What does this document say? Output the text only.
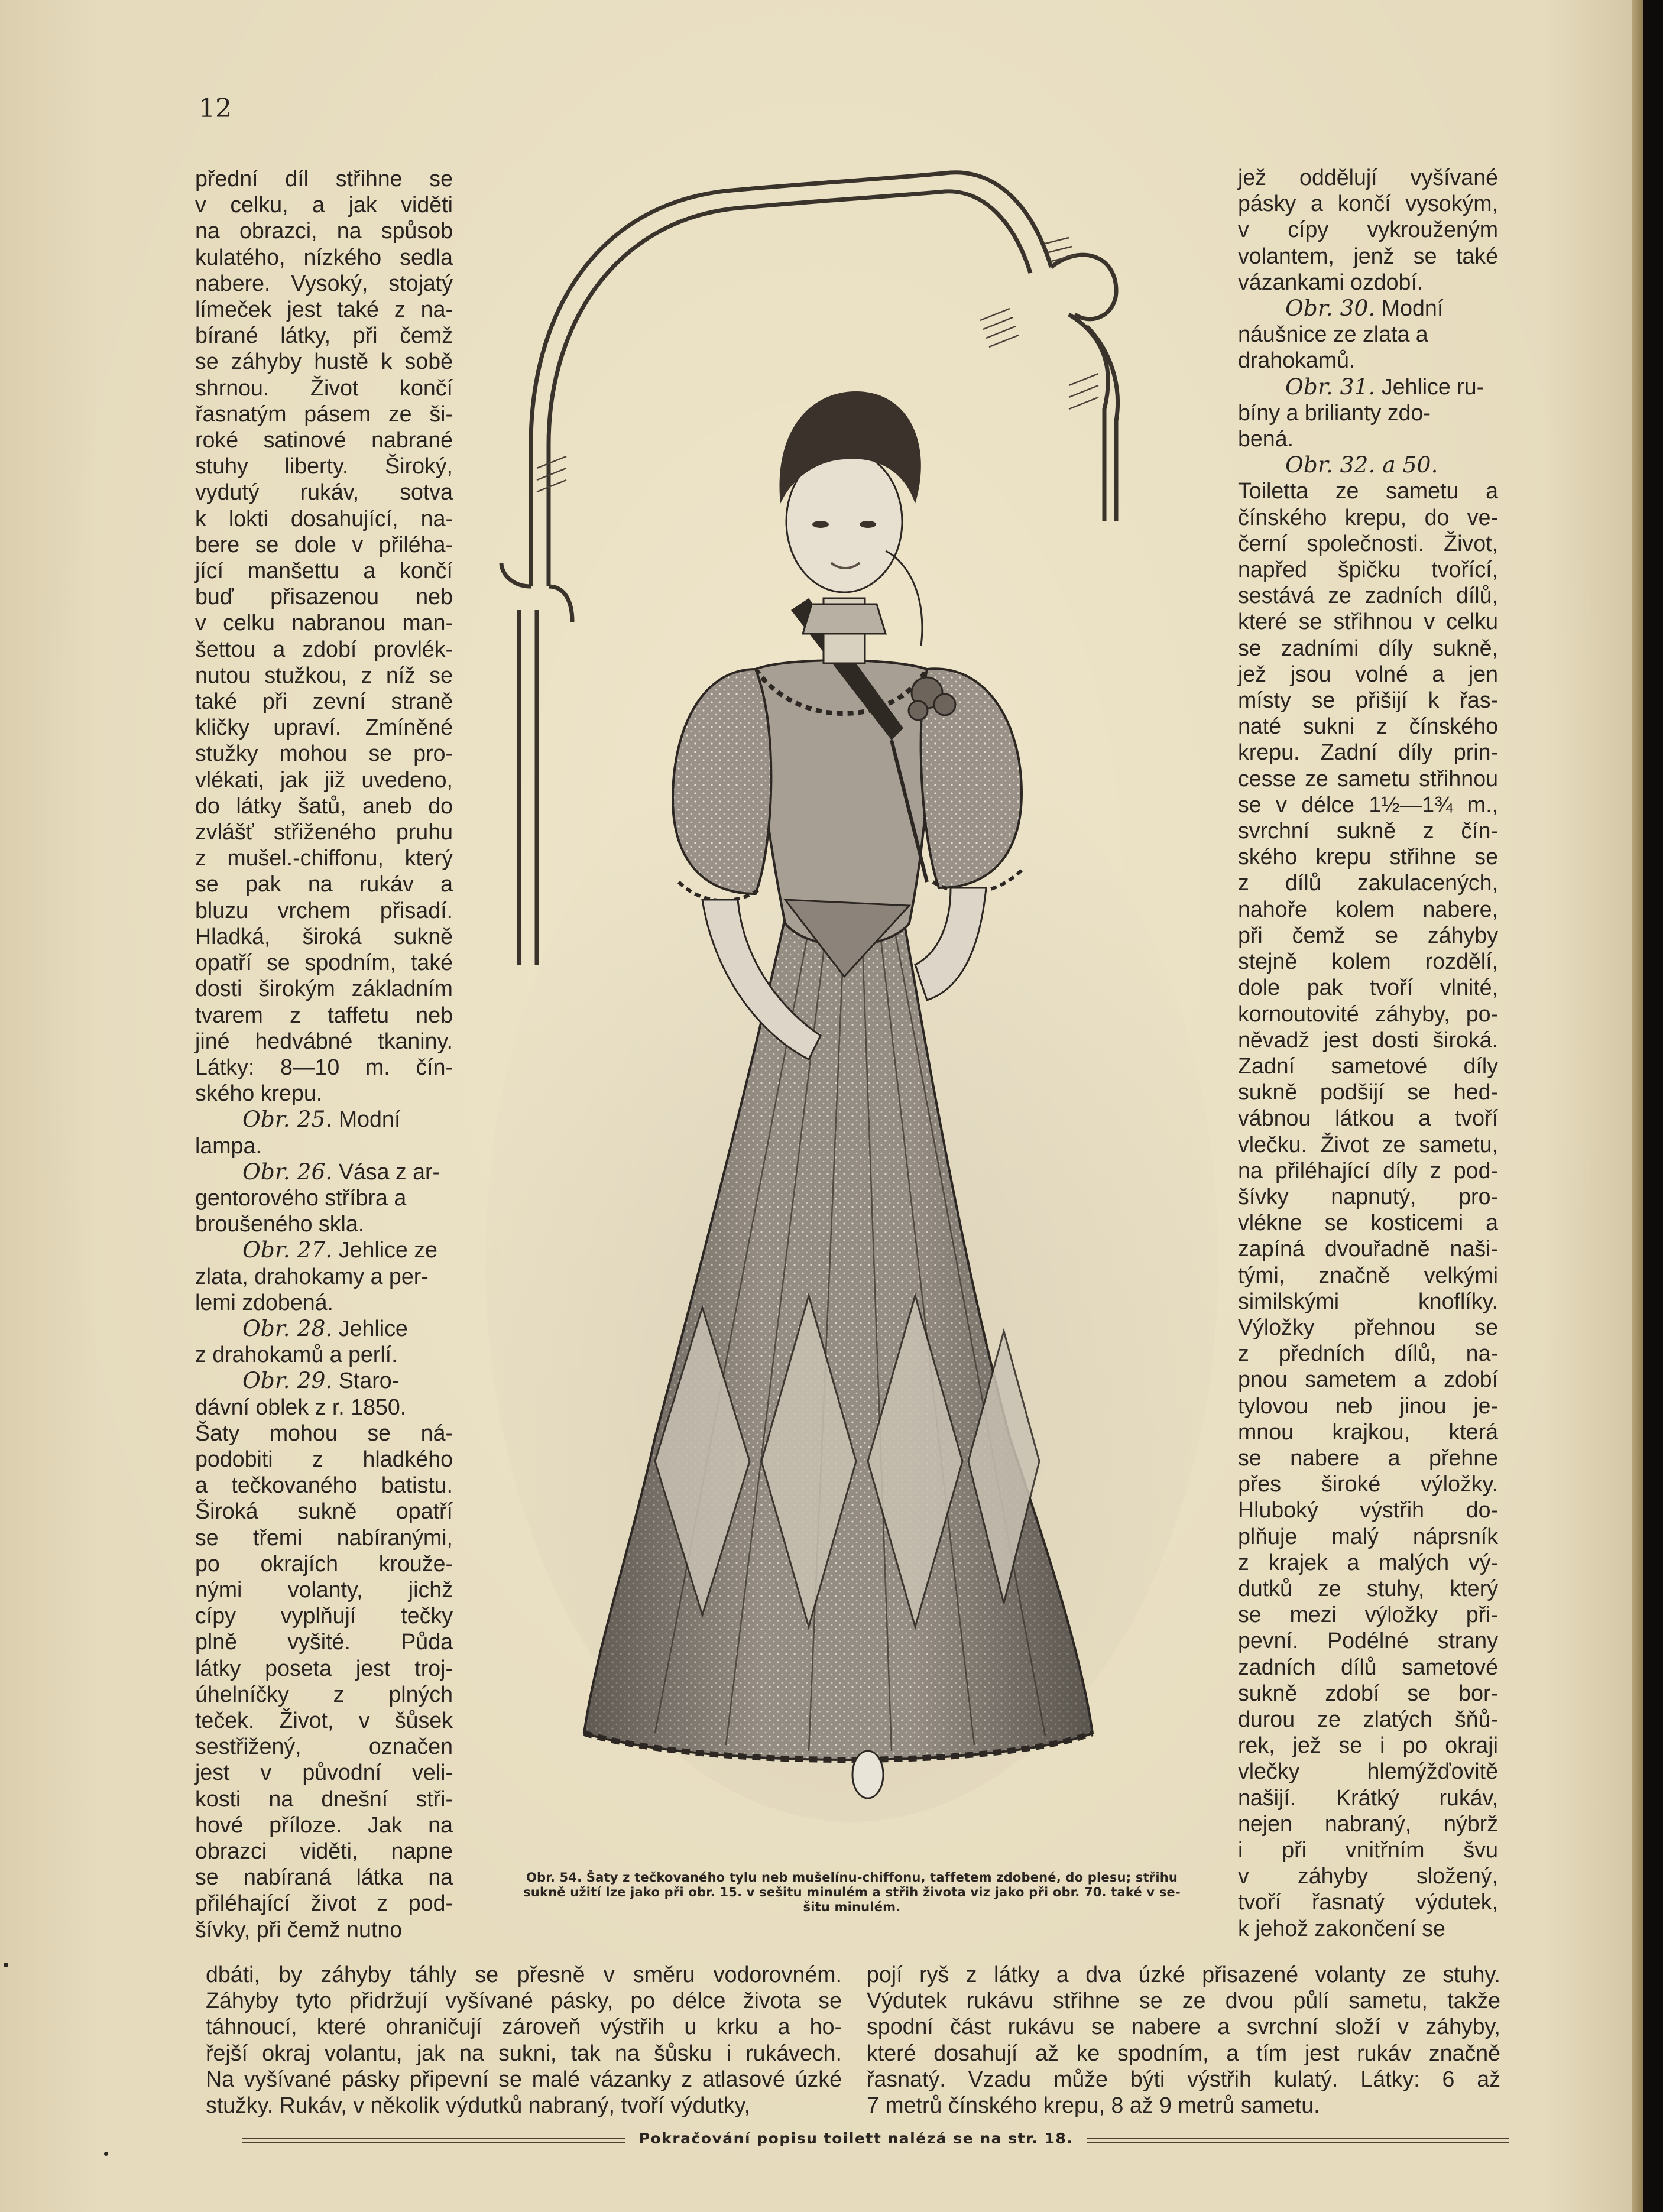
12
přední díl střihne se
v celku, a jak viděti
na obrazci, na spůsob
kulatého, nízkého sedla
nabere. Vysoký, stojatý
límeček jest také z na-
bírané látky, při čemž
se záhyby hustě k sobě
shrnou. Život končí
řasnatým pásem ze ši-
roké satinové nabrané
stuhy liberty. Široký,
vydutý rukáv, sotva
k lokti dosahující, na-
bere se dole v přiléha-
jící manšettu a končí
buď přisazenou neb
v celku nabranou man-
šettou a zdobí provlék-
nutou stužkou, z níž se
také při zevní straně
kličky upraví. Zmíněné
stužky mohou se pro-
vlékati, jak již uvedeno,
do látky šatů, aneb do
zvlášť střiženého pruhu
z mušel.-chiffonu, který
se pak na rukáv a
bluzu vrchem přisadí.
Hladká, široká sukně
opatří se spodním, také
dosti širokým základním
tvarem z taffetu neb
jiné hedvábné tkaniny.
Látky: 8—10 m. čín-
ského krepu.
Obr. 25. Modní
lampa.
Obr. 26. Vása z ar-
gentorového stříbra a
broušeného skla.
Obr. 27. Jehlice ze
zlata, drahokamy a per-
lemi zdobená.
Obr. 28. Jehlice
z drahokamů a perlí.
Obr. 29. Staro-
dávní oblek z r. 1850.
Šaty mohou se ná-
podobiti z hladkého
a tečkovaného batistu.
Široká sukně opatří
se třemi nabíranými,
po okrajích krouže-
nými volanty, jichž
cípy vyplňují tečky
plně vyšité. Půda
látky poseta jest troj-
úhelníčky z plných
teček. Život, v šůsek
sestřižený, označen
jest v původní veli-
kosti na dnešní stři-
hové příloze. Jak na
obrazci viděti, napne
se nabíraná látka na
přiléhající život z pod-
šívky, při čemž nutno
Obr. 54. Šaty z tečkovaného tylu neb mušelínu-chiffonu, taffetem zdobené, do plesu; střihu
sukně užití lze jako při obr. 15. v sešitu minulém a střih života viz jako při obr. 70. také v se-
šitu minulém.
jež oddělují vyšívané
pásky a končí vysokým,
v cípy vykrouženým
volantem, jenž se také
vázankami ozdobí.
Obr. 30. Modní
náušnice ze zlata a
drahokamů.
Obr. 31. Jehlice ru-
bíny a brilianty zdo-
bená.
Obr. 32. a 50.
Toiletta ze sametu a
čínského krepu, do ve-
černí společnosti. Život,
napřed špičku tvořící,
sestává ze zadních dílů,
které se střihnou v celku
se zadními díly sukně,
jež jsou volné a jen
místy se přišijí k řas-
naté sukni z čínského
krepu. Zadní díly prin-
cesse ze sametu střihnou
se v délce 1½—1¾ m.,
svrchní sukně z čín-
ského krepu střihne se
z dílů zakulacených,
nahoře kolem nabere,
při čemž se záhyby
stejně kolem rozdělí,
dole pak tvoří vlnité,
kornoutovité záhyby, po-
něvadž jest dosti široká.
Zadní sametové díly
sukně podšijí se hed-
vábnou látkou a tvoří
vlečku. Život ze sametu,
na přiléhající díly z pod-
šívky napnutý, pro-
vlékne se kosticemi a
zapíná dvouřadně naši-
tými, značně velkými
similskými knoflíky.
Výložky přehnou se
z předních dílů, na-
pnou sametem a zdobí
tylovou neb jinou je-
mnou krajkou, která
se nabere a přehne
přes široké výložky.
Hluboký výstřih do-
plňuje malý náprsník
z krajek a malých vý-
dutků ze stuhy, který
se mezi výložky při-
pevní. Podélné strany
zadních dílů sametové
sukně zdobí se bor-
durou ze zlatých šňů-
rek, jež se i po okraji
vlečky hlemýžďovitě
našijí. Krátký rukáv,
nejen nabraný, nýbrž
i při vnitřním švu
v záhyby složený,
tvoří řasnatý výdutek,
k jehož zakončení se
dbáti, by záhyby táhly se přesně v směru vodorovném.
Záhyby tyto přidržují vyšívané pásky, po délce života se
táhnoucí, které ohraničují zároveň výstřih u krku a ho-
řejší okraj volantu, jak na sukni, tak na šůsku i rukávech.
Na vyšívané pásky připevní se malé vázanky z atlasové úzké
stužky. Rukáv, v několik výdutků nabraný, tvoří výdutky,
pojí ryš z látky a dva úzké přisazené volanty ze stuhy.
Výdutek rukávu střihne se ze dvou půlí sametu, takže
spodní část rukávu se nabere a svrchní složí v záhyby,
které dosahují až ke spodním, a tím jest rukáv značně
řasnatý. Vzadu může býti výstřih kulatý. Látky: 6 až
7 metrů čínského krepu, 8 až 9 metrů sametu.
Pokračování popisu toilett nalézá se na str. 18.
